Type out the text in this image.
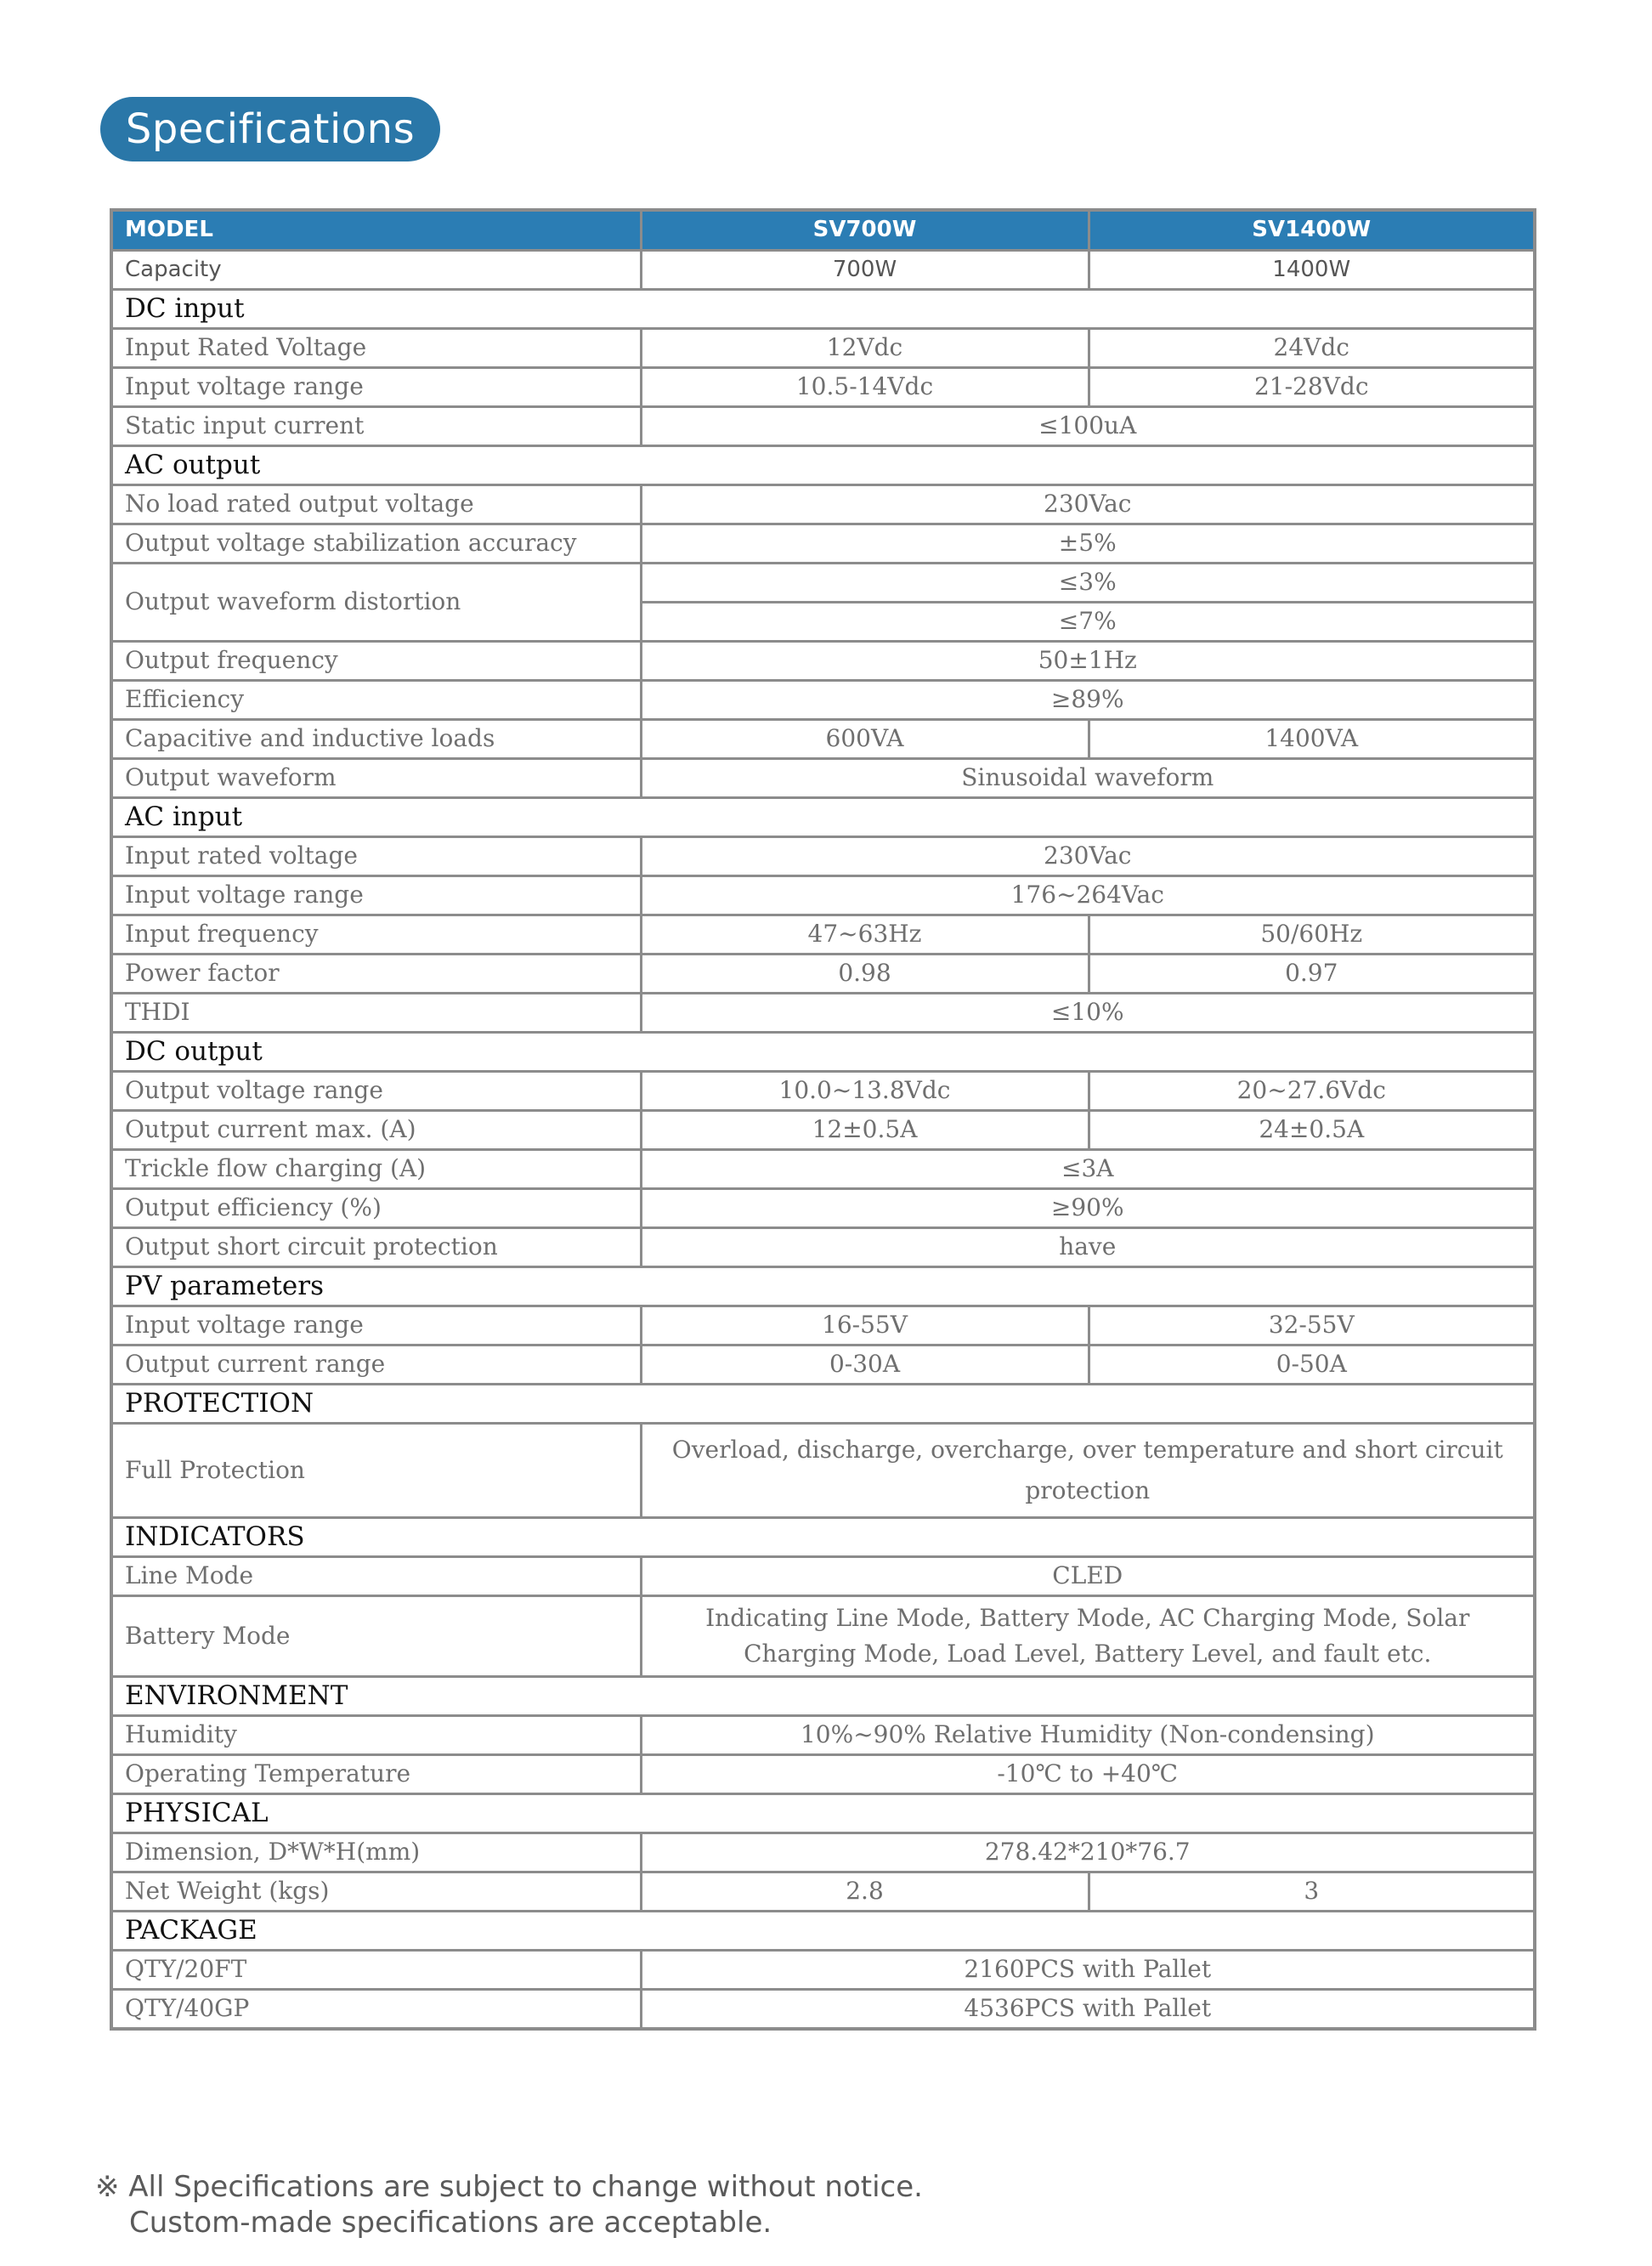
Specifications
MODEL	SV700W	SV1400W
Capacity	700W	1400W
DC input		
Input Rated Voltage	12Vdc	24Vdc
Input voltage range	10.5-14Vdc	21-28Vdc
Static input current	≤100uA	
AC output		
No load rated output voltage	230Vac	
Output voltage stabilization accuracy	±5%	
Output waveform distortion	≤3%	
	≤7%	
Output frequency	50±1Hz	
Efficiency	≥89%	
Capacitive and inductive loads	600VA	1400VA
Output waveform	Sinusoidal waveform	
AC input		
Input rated voltage	230Vac	
Input voltage range	176~264Vac	
Input frequency	47~63Hz	50/60Hz
Power factor	0.98	0.97
THDI	≤10%	
DC output		
Output voltage range	10.0~13.8Vdc	20~27.6Vdc
Output current max. (A)	12±0.5A	24±0.5A
Trickle flow charging (A)	≤3A	
Output efficiency (%)	≥90%	
Output short circuit protection	have	
PV parameters		
Input voltage range	16-55V	32-55V
Output current range	0-30A	0-50A
PROTECTION		
Full Protection	Overload, discharge, overcharge, over temperature and short circuit protection	
INDICATORS		
Line Mode	CLED	
Battery Mode	Indicating Line Mode, Battery Mode, AC Charging Mode, Solar Charging Mode, Load Level, Battery Level, and fault etc.	
ENVIRONMENT		
Humidity	10%~90% Relative Humidity (Non-condensing)	
Operating Temperature	-10℃ to +40℃	
PHYSICAL		
Dimension, D*W*H(mm)	278.42*210*76.7	
Net Weight (kgs)	2.8	3
PACKAGE		
QTY/20FT	2160PCS with Pallet	
QTY/40GP	4536PCS with Pallet	
※ All Specifications are subject to change without notice.
Custom-made specifications are acceptable.
